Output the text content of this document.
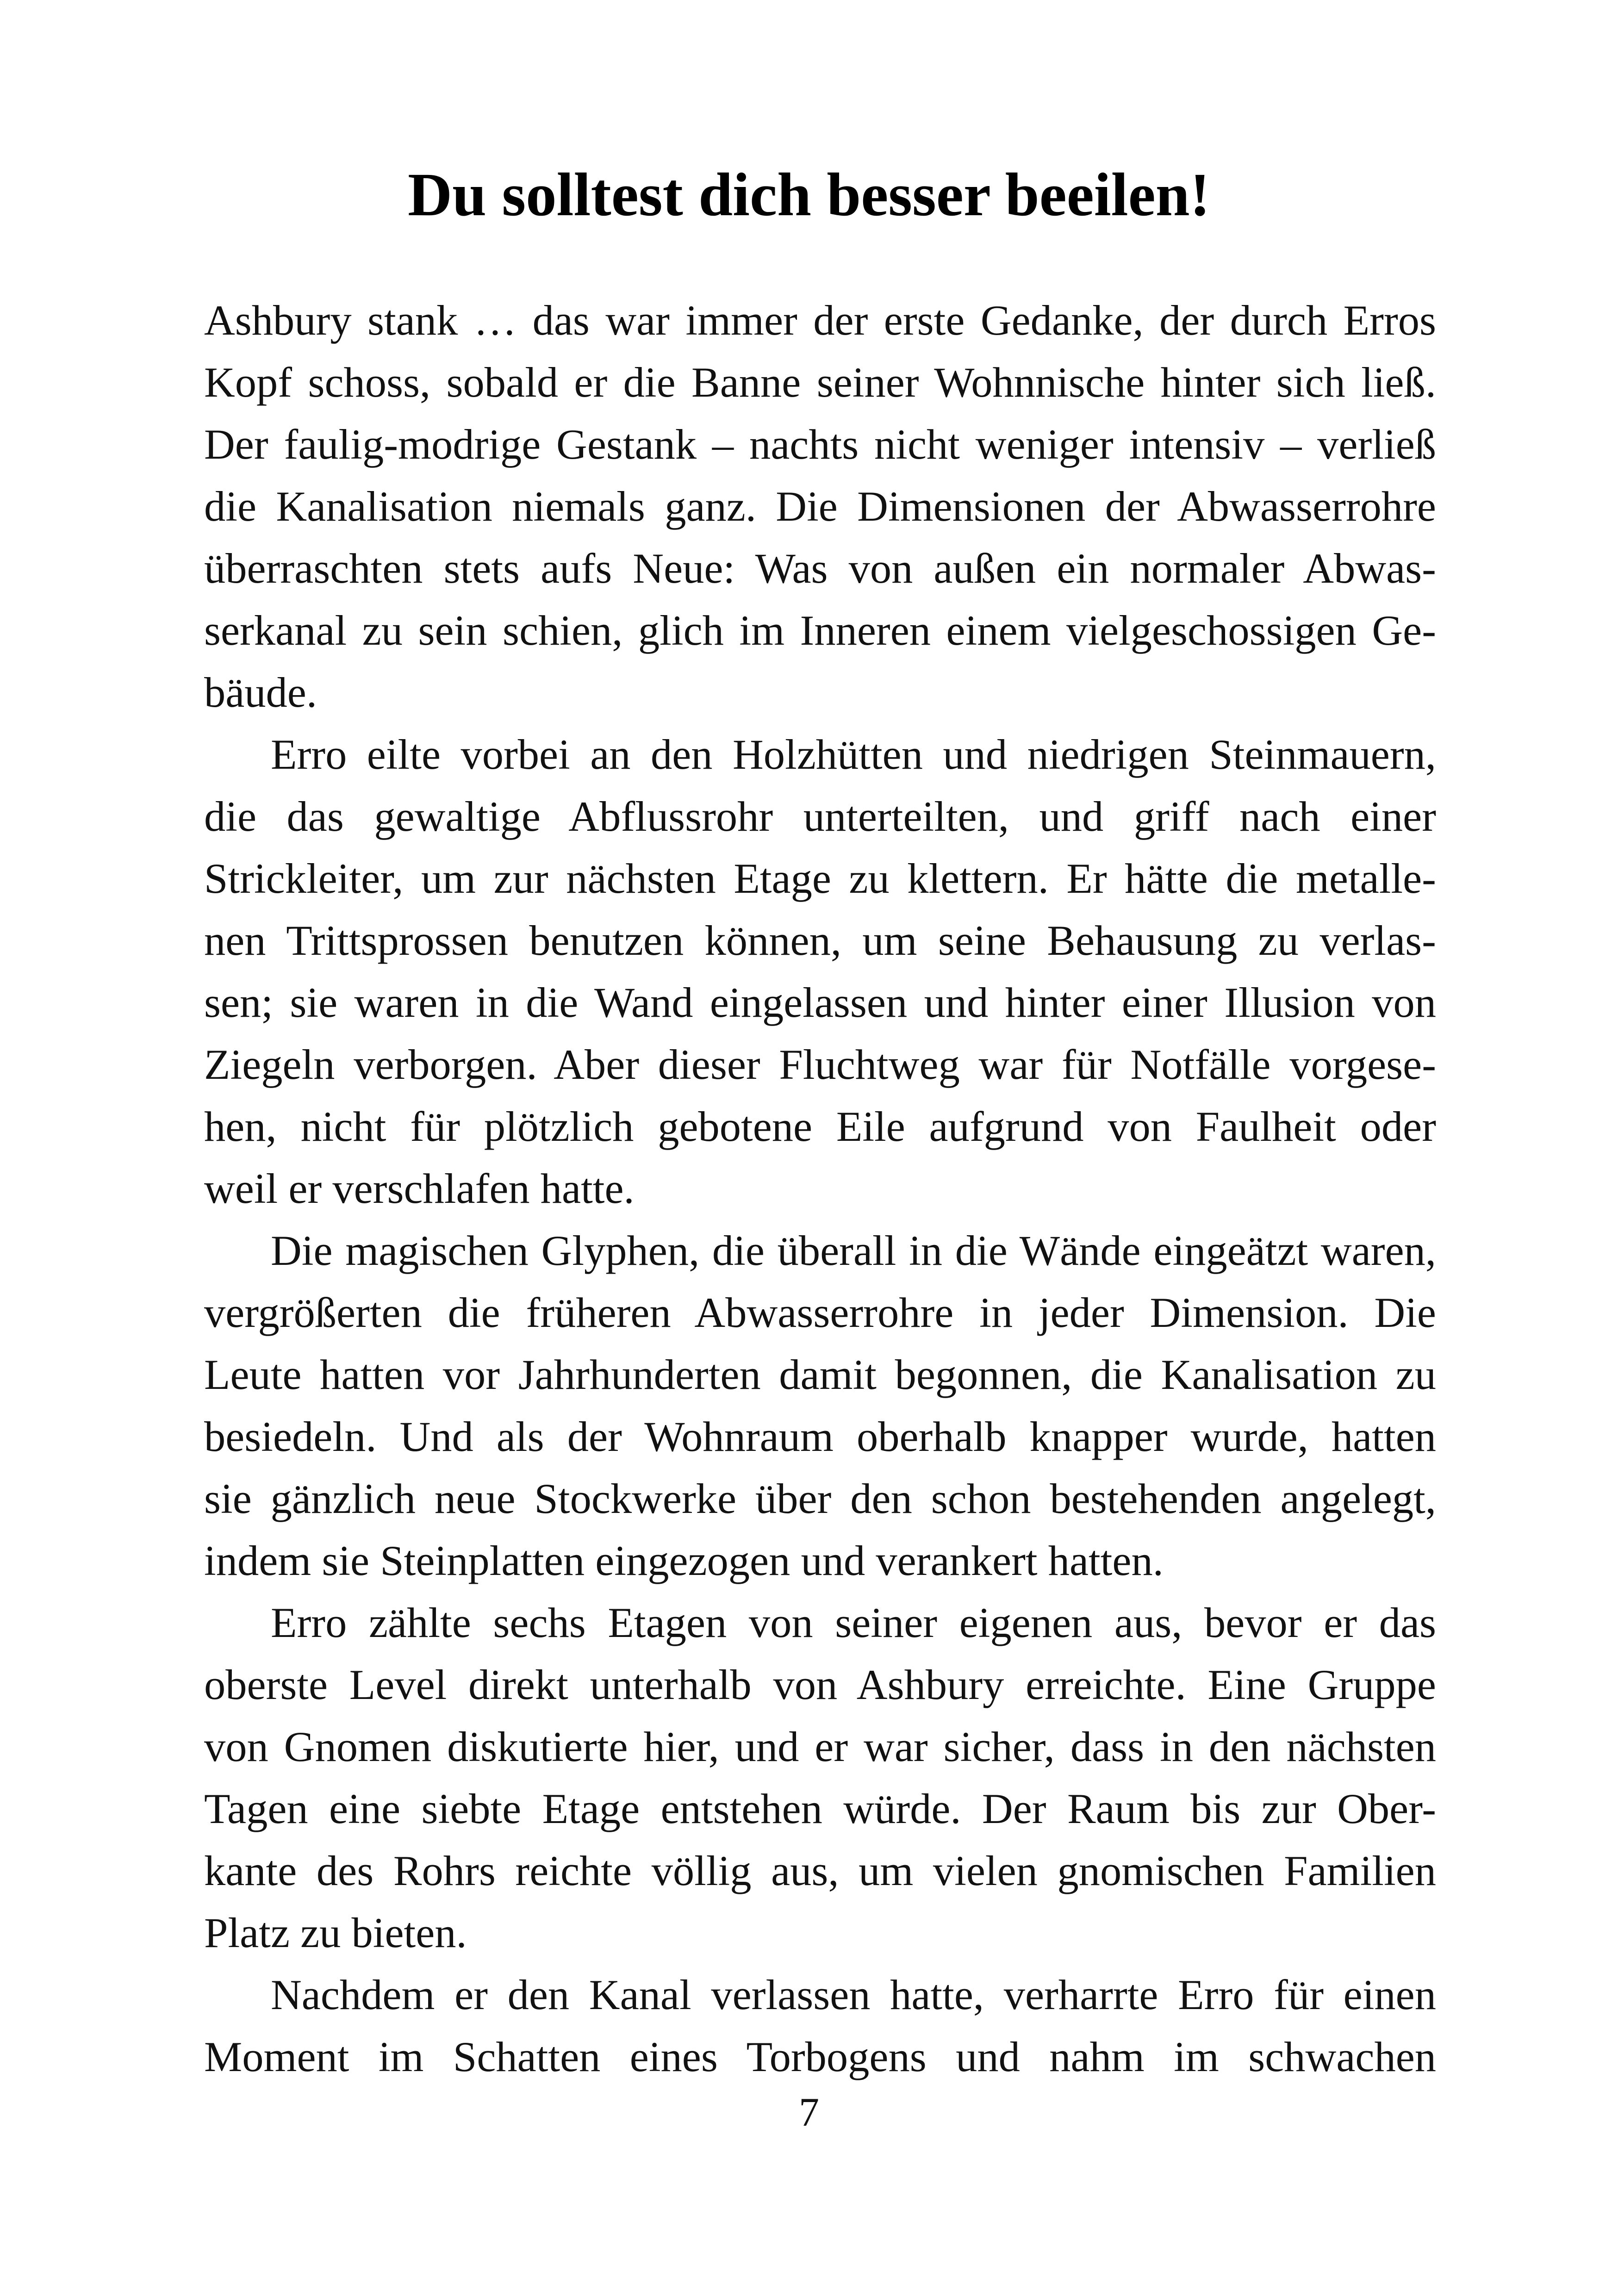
Du solltest dich besser beeilen!

Ashbury stank … das war immer der erste Gedanke, der durch Erros
Kopf schoss, sobald er die Banne seiner Wohnnische hinter sich ließ.
Der faulig-modrige Gestank – nachts nicht weniger intensiv – verließ
die Kanalisation niemals ganz. Die Dimensionen der Abwasserrohre
überraschten stets aufs Neue: Was von außen ein normaler Abwas-
serkanal zu sein schien, glich im Inneren einem vielgeschossigen Ge-
bäude.

Erro eilte vorbei an den Holzhütten und niedrigen Steinmauern,
die das gewaltige Abflussrohr unterteilten, und griff nach einer
Strickleiter, um zur nächsten Etage zu klettern. Er hätte die metalle-
nen Trittsprossen benutzen können, um seine Behausung zu verlas-
sen; sie waren in die Wand eingelassen und hinter einer Illusion von
Ziegeln verborgen. Aber dieser Fluchtweg war für Notfälle vorgese-
hen, nicht für plötzlich gebotene Eile aufgrund von Faulheit oder
weil er verschlafen hatte.

Die magischen Glyphen, die überall in die Wände eingeätzt waren,
vergrößerten die früheren Abwasserrohre in jeder Dimension. Die
Leute hatten vor Jahrhunderten damit begonnen, die Kanalisation zu
besiedeln. Und als der Wohnraum oberhalb knapper wurde, hatten
sie gänzlich neue Stockwerke über den schon bestehenden angelegt,
indem sie Steinplatten eingezogen und verankert hatten.

Erro zählte sechs Etagen von seiner eigenen aus, bevor er das
oberste Level direkt unterhalb von Ashbury erreichte. Eine Gruppe
von Gnomen diskutierte hier, und er war sicher, dass in den nächsten
Tagen eine siebte Etage entstehen würde. Der Raum bis zur Ober-
kante des Rohrs reichte völlig aus, um vielen gnomischen Familien
Platz zu bieten.

Nachdem er den Kanal verlassen hatte, verharrte Erro für einen
Moment im Schatten eines Torbogens und nahm im schwachen

7
